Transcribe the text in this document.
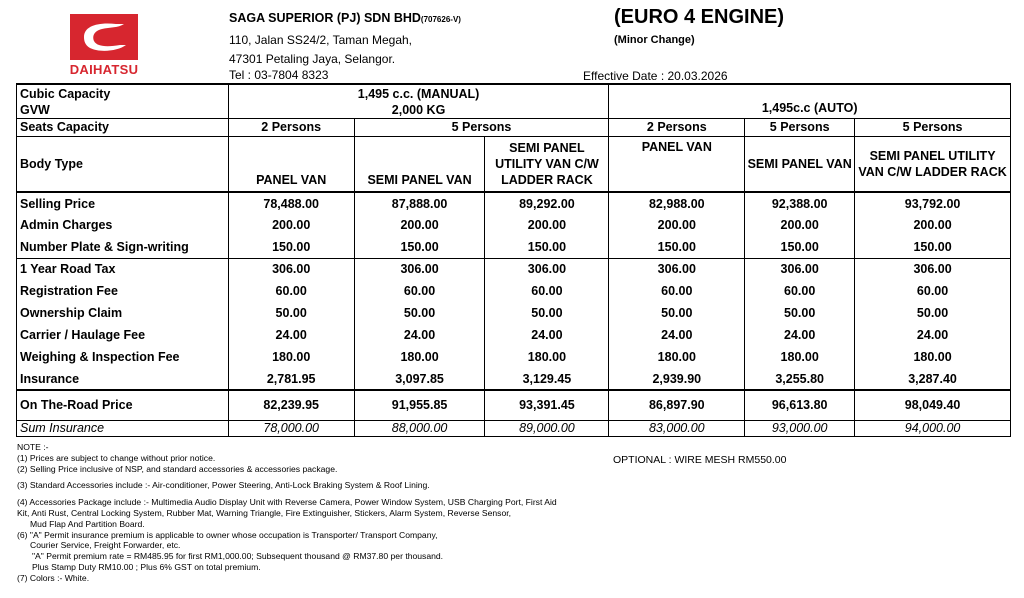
DAIHATSU
SAGA SUPERIOR (PJ) SDN BHD(707626-V)
110, Jalan SS24/2, Taman Megah,
47301 Petaling Jaya, Selangor.
Tel : 03-7804 8323
(EURO 4 ENGINE)
(Minor Change)
Effective Date : 20.03.2026
Cubic Capacity	1,495 c.c. (MANUAL)			1,495c.c (AUTO)		
GVW	2,000 KG					
Seats Capacity	2 Persons	5 Persons		2 Persons	5 Persons	5 Persons
Body Type	PANEL VAN	SEMI PANEL VAN	SEMI PANEL UTILITY VAN C/W LADDER RACK	PANEL VAN	SEMI PANEL VAN	SEMI PANEL UTILITY VAN C/W LADDER RACK
Selling Price	78,488.00	87,888.00	89,292.00	82,988.00	92,388.00	93,792.00
Admin Charges	200.00	200.00	200.00	200.00	200.00	200.00
Number Plate & Sign-writing	150.00	150.00	150.00	150.00	150.00	150.00
1 Year Road Tax	306.00	306.00	306.00	306.00	306.00	306.00
Registration Fee	60.00	60.00	60.00	60.00	60.00	60.00
Ownership Claim	50.00	50.00	50.00	50.00	50.00	50.00
Carrier / Haulage Fee	24.00	24.00	24.00	24.00	24.00	24.00
Weighing & Inspection Fee	180.00	180.00	180.00	180.00	180.00	180.00
Insurance	2,781.95	3,097.85	3,129.45	2,939.90	3,255.80	3,287.40
On The-Road Price	82,239.95	91,955.85	93,391.45	86,897.90	96,613.80	98,049.40
Sum Insurance	78,000.00	88,000.00	89,000.00	83,000.00	93,000.00	94,000.00
NOTE :-
(1) Prices are subject to change without prior notice.
(2) Selling Price inclusive of NSP, and standard accessories & accessories package.
(3) Standard Accessories include :- Air-conditioner, Power Steering, Anti-Lock Braking System & Roof Lining.
(4) Accessories Package include :- Multimedia Audio Display Unit with Reverse Camera, Power Window System, USB Charging Port, First Aid
Kit, Anti Rust, Central Locking System, Rubber Mat, Warning Triangle, Fire Extinguisher, Stickers, Alarm System, Reverse Sensor,
Mud Flap And Partition Board.
(6) "A" Permit insurance premium is applicable to owner whose occupation is Transporter/ Transport Company,
Courier Service, Freight Forwarder, etc.
"A" Permit premium rate = RM485.95 for first RM1,000.00; Subsequent thousand @ RM37.80 per thousand.
Plus Stamp Duty RM10.00 ; Plus 6% GST on total premium.
(7) Colors :- White.
OPTIONAL : WIRE MESH RM550.00
